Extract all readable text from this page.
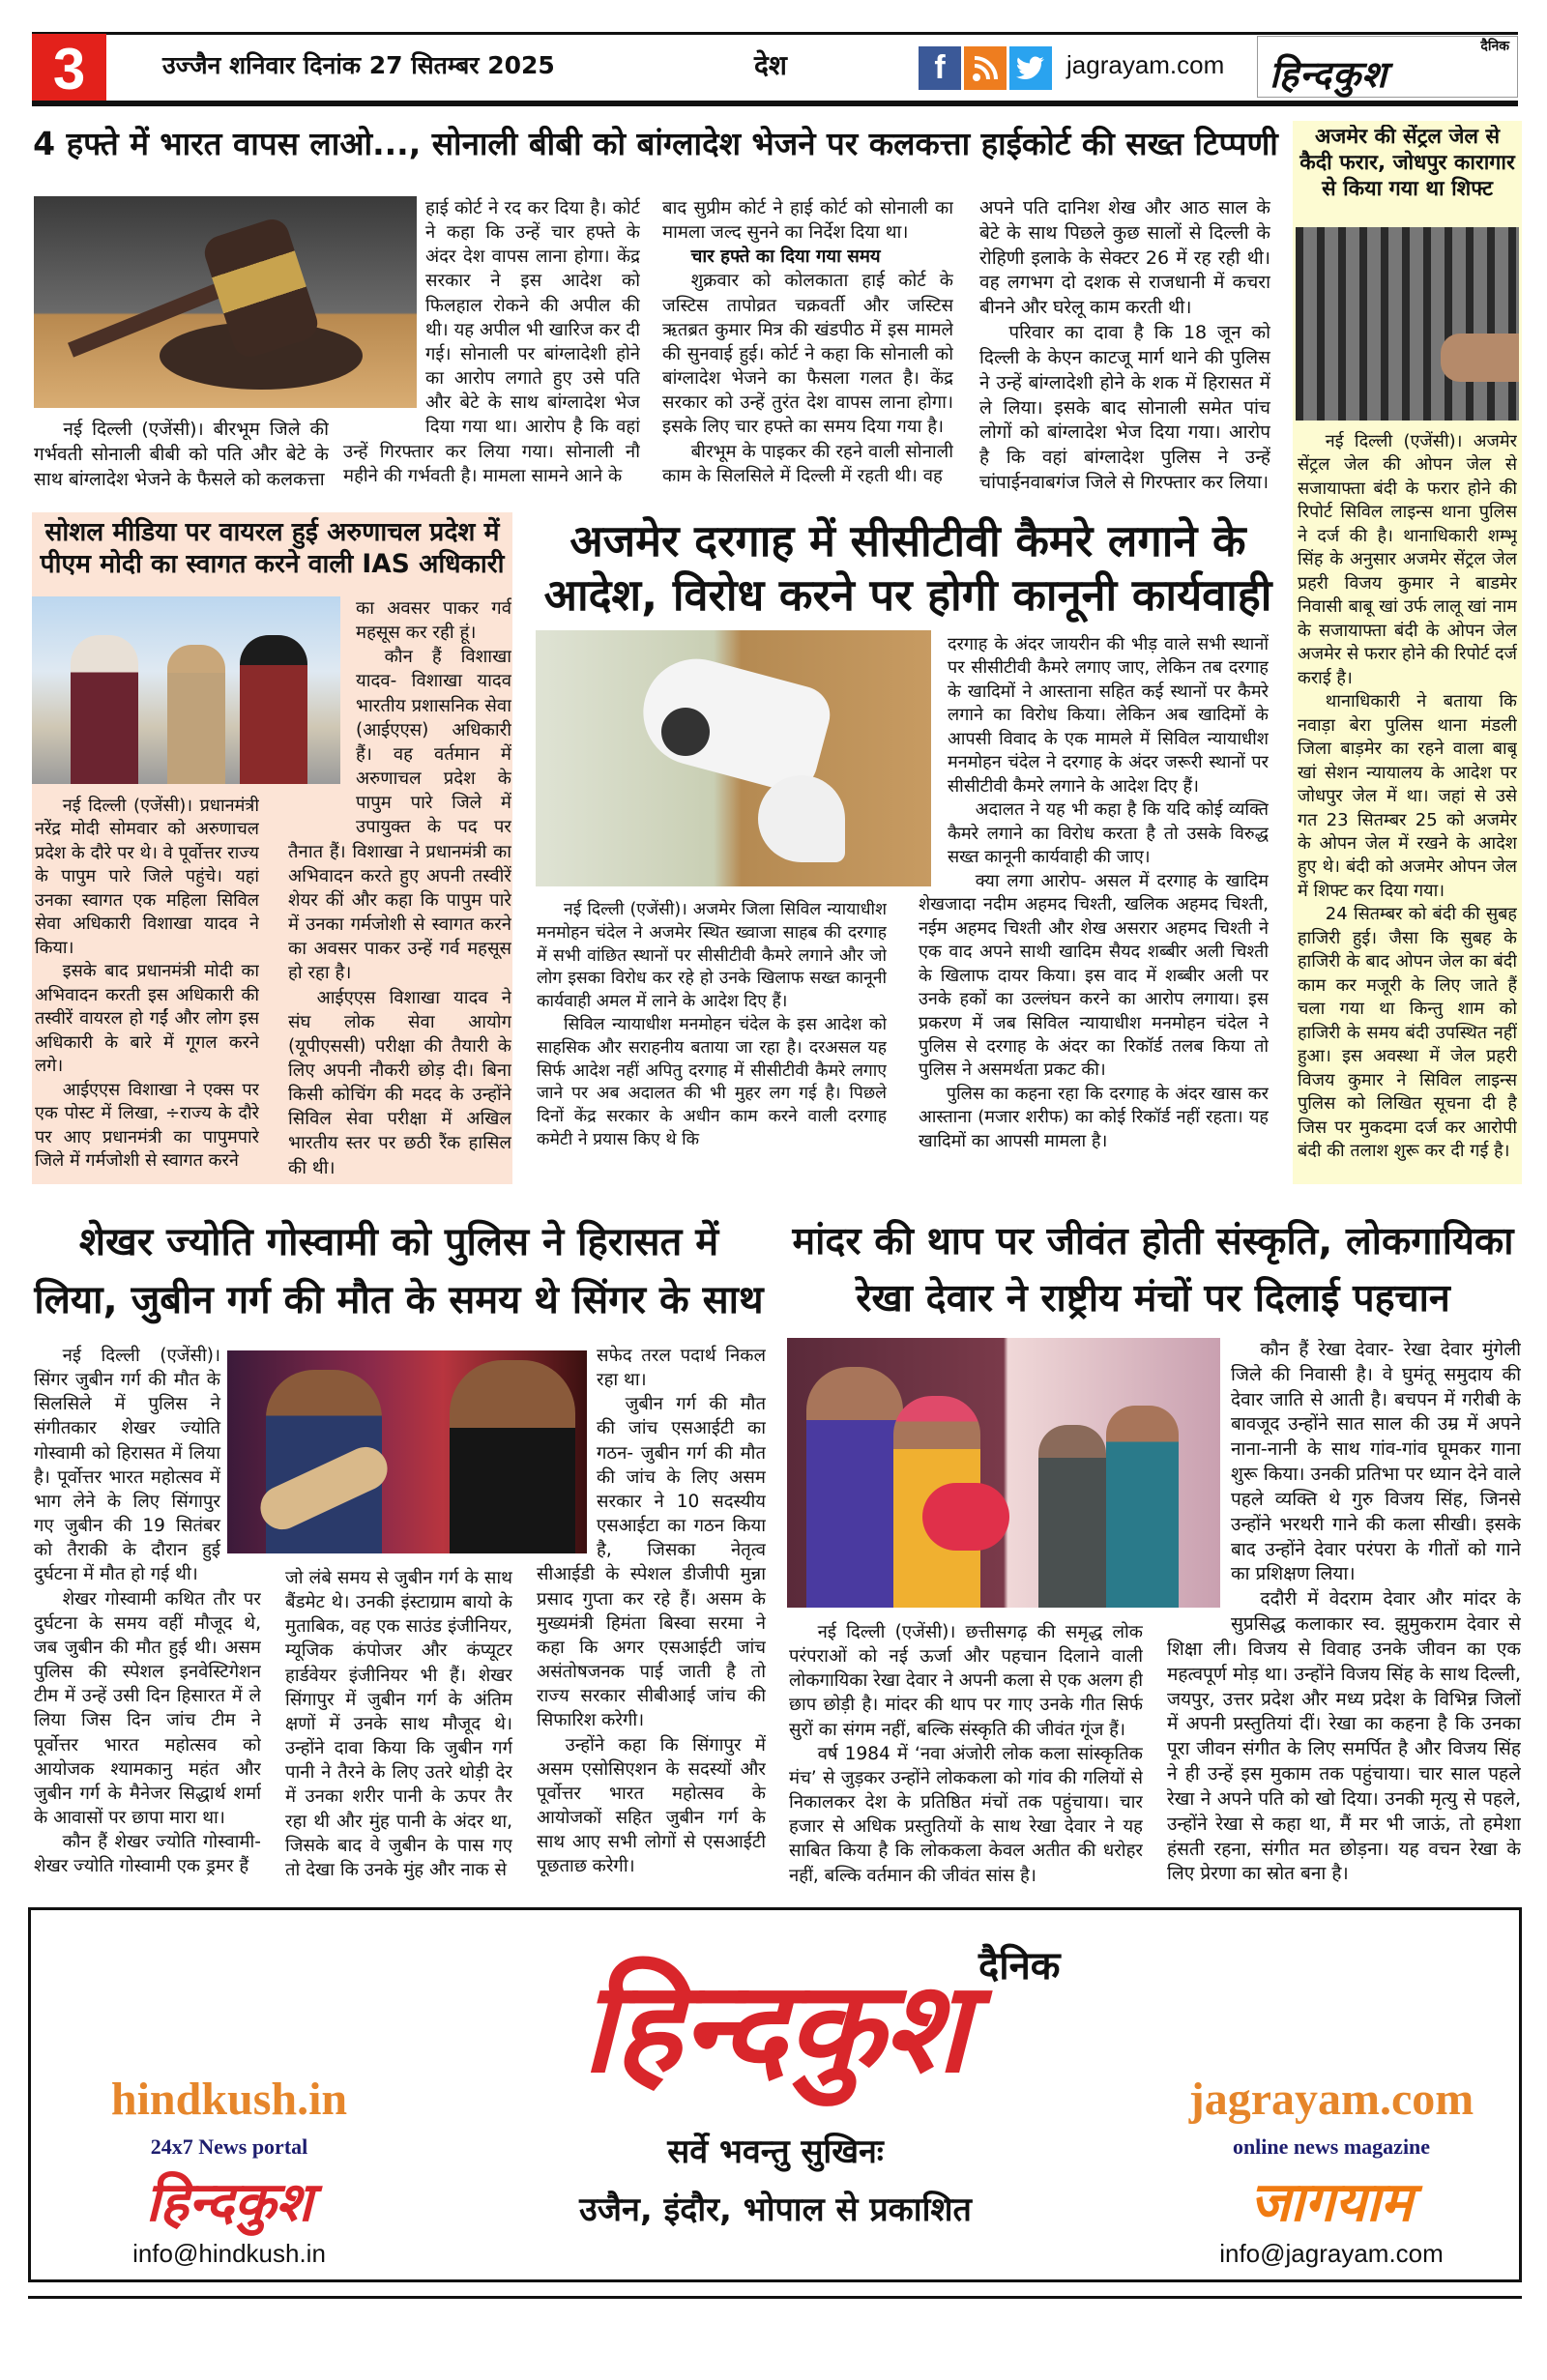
3	उज्जैन शनिवार दिनांक 27 सितम्बर 2025	देश	f	jagrayam.com
दैनिक
हिन्दकुश
4 हफ्ते में भारत वापस लाओ..., सोनाली बीबी को बांग्लादेश भेजने पर कलकत्ता हाईकोर्ट की सख्त टिप्पणी

नई दिल्ली (एजेंसी)। बीरभूम जिले की गर्भवती सोनाली बीबी को पति और बेटे के साथ बांग्लादेश भेजने के फैसले को कलकत्ता

हाई कोर्ट ने रद कर दिया है। कोर्ट ने कहा कि उन्हें चार हफ्ते के अंदर देश वापस लाना होगा। केंद्र सरकार ने इस आदेश को फिलहाल रोकने की अपील की थी। यह अपील भी खारिज कर दी गई। सोनाली पर बांग्लादेशी होने का आरोप लगाते हुए उसे पति और बेटे के साथ बांग्लादेश भेज दिया गया था। आरोप है कि वहां उन्हें गिरफ्तार कर लिया गया। सोनाली नौ महीने की गर्भवती है। मामला सामने आने के

बाद सुप्रीम कोर्ट ने हाई कोर्ट को सोनाली का मामला जल्द सुनने का निर्देश दिया था।

चार हफ्ते का दिया गया समय

शुक्रवार को कोलकाता हाई कोर्ट के जस्टिस तापोव्रत चक्रवर्ती और जस्टिस ऋतब्रत कुमार मित्र की खंडपीठ में इस मामले की सुनवाई हुई। कोर्ट ने कहा कि सोनाली को बांग्लादेश भेजने का फैसला गलत है। केंद्र सरकार को उन्हें तुरंत देश वापस लाना होगा। इसके लिए चार हफ्ते का समय दिया गया है।

बीरभूम के पाइकर की रहने वाली सोनाली काम के सिलसिले में दिल्ली में रहती थी। वह

अपने पति दानिश शेख और आठ साल के बेटे के साथ पिछले कुछ सालों से दिल्ली के रोहिणी इलाके के सेक्टर 26 में रह रही थी। वह लगभग दो दशक से राजधानी में कचरा बीनने और घरेलू काम करती थी।

परिवार का दावा है कि 18 जून को दिल्ली के केएन काटजू मार्ग थाने की पुलिस ने उन्हें बांग्लादेशी होने के शक में हिरासत में ले लिया। इसके बाद सोनाली समेत पांच लोगों को बांग्लादेश भेज दिया गया। आरोप है कि वहां बांग्लादेश पुलिस ने उन्हें चांपाईनवाबगंज जिले से गिरफ्तार कर लिया।

अजमेर की सेंट्रल जेल से कैदी फरार, जोधपुर कारागार से किया गया था शिफ्ट

नई दिल्ली (एजेंसी)। अजमेर सेंट्रल जेल की ओपन जेल से सजायाफ्ता बंदी के फरार होने की रिपोर्ट सिविल लाइन्स थाना पुलिस ने दर्ज की है। थानाधिकारी शम्भू सिंह के अनुसार अजमेर सेंट्रल जेल प्रहरी विजय कुमार ने बाडमेर निवासी बाबू खां उर्फ लालू खां नाम के सजायाफ्ता बंदी के ओपन जेल अजमेर से फरार होने की रिपोर्ट दर्ज कराई है।

थानाधिकारी ने बताया कि नवाड़ा बेरा पुलिस थाना मंडली जिला बाड़मेर का रहने वाला बाबू खां सेशन न्यायालय के आदेश पर जोधपुर जेल में था। जहां से उसे गत 23 सितम्बर 25 को अजमेर के ओपन जेल में रखने के आदेश हुए थे। बंदी को अजमेर ओपन जेल में शिफ्ट कर दिया गया।

24 सितम्बर को बंदी की सुबह हाजिरी हुई। जैसा कि सुबह के हाजिरी के बाद ओपन जेल का बंदी काम कर मजूरी के लिए जाते हैं चला गया था किन्तु शाम को हाजिरी के समय बंदी उपस्थित नहीं हुआ। इस अवस्था में जेल प्रहरी विजय कुमार ने सिविल लाइन्स पुलिस को लिखित सूचना दी है जिस पर मुकदमा दर्ज कर आरोपी बंदी की तलाश शुरू कर दी गई है।

सोशल मीडिया पर वायरल हुई अरुणाचल प्रदेश में पीएम मोदी का स्वागत करने वाली IAS अधिकारी

का अवसर पाकर गर्व महसूस कर रही हूं।

कौन हैं विशाखा यादव- विशाखा यादव भारतीय प्रशासनिक सेवा (आईएएस) अधिकारी हैं। वह वर्तमान में अरुणाचल प्रदेश के पापुम पारे जिले में उपायुक्त के पद पर तैनात हैं। विशाखा ने प्रधानमंत्री का अभिवादन करते हुए अपनी तस्वीरें शेयर कीं और कहा कि पापुम पारे में उनका गर्मजोशी से स्वागत करने का अवसर पाकर उन्हें गर्व महसूस हो रहा है।

आईएएस विशाखा यादव ने संघ लोक सेवा आयोग (यूपीएससी) परीक्षा की तैयारी के लिए अपनी नौकरी छोड़ दी। बिना किसी कोचिंग की मदद के उन्होंने सिविल सेवा परीक्षा में अखिल भारतीय स्तर पर छठी रैंक हासिल की थी।

नई दिल्ली (एजेंसी)। प्रधानमंत्री नरेंद्र मोदी सोमवार को अरुणाचल प्रदेश के दौरे पर थे। वे पूर्वोत्तर राज्य के पापुम पारे जिले पहुंचे। यहां उनका स्वागत एक महिला सिविल सेवा अधिकारी विशाखा यादव ने किया।

इसके बाद प्रधानमंत्री मोदी का अभिवादन करती इस अधिकारी की तस्वीरें वायरल हो गईं और लोग इस अधिकारी के बारे में गूगल करने लगे।

आईएएस विशाखा ने एक्स पर एक पोस्ट में लिखा, ÷राज्य के दौरे पर आए प्रधानमंत्री का पापुमपारे जिले में गर्मजोशी से स्वागत करने

अजमेर दरगाह में सीसीटीवी कैमरे लगाने के आदेश, विरोध करने पर होगी कानूनी कार्यवाही

दरगाह के अंदर जायरीन की भीड़ वाले सभी स्थानों पर सीसीटीवी कैमरे लगाए जाए, लेकिन तब दरगाह के खादिमों ने आस्ताना सहित कई स्थानों पर कैमरे लगाने का विरोध किया। लेकिन अब खादिमों के आपसी विवाद के एक मामले में सिविल न्यायाधीश मनमोहन चंदेल ने दरगाह के अंदर जरूरी स्थानों पर सीसीटीवी कैमरे लगाने के आदेश दिए हैं।

अदालत ने यह भी कहा है कि यदि कोई व्यक्ति कैमरे लगाने का विरोध करता है तो उसके विरुद्ध सख्त कानूनी कार्यवाही की जाए।

क्या लगा आरोप- असल में दरगाह के खादिम शेखजादा नदीम अहमद चिश्ती, खलिक अहमद चिश्ती, नईम अहमद चिश्ती और शेख असरार अहमद चिश्ती ने एक वाद अपने साथी खादिम सैयद शब्बीर अली चिश्ती के खिलाफ दायर किया। इस वाद में शब्बीर अली पर उनके हकों का उल्लंघन करने का आरोप लगाया। इस प्रकरण में जब सिविल न्यायाधीश मनमोहन चंदेल ने पुलिस से दरगाह के अंदर का रिकॉर्ड तलब किया तो पुलिस ने असमर्थता प्रकट की।

पुलिस का कहना रहा कि दरगाह के अंदर खास कर आस्ताना (मजार शरीफ) का कोई रिकॉर्ड नहीं रहता। यह खादिमों का आपसी मामला है।

नई दिल्ली (एजेंसी)। अजमेर जिला सिविल न्यायाधीश मनमोहन चंदेल ने अजमेर स्थित ख्वाजा साहब की दरगाह में सभी वांछित स्थानों पर सीसीटीवी कैमरे लगाने और जो लोग इसका विरोध कर रहे हो उनके खिलाफ सख्त कानूनी कार्यवाही अमल में लाने के आदेश दिए हैं।

सिविल न्यायाधीश मनमोहन चंदेल के इस आदेश को साहसिक और सराहनीय बताया जा रहा है। दरअसल यह सिर्फ आदेश नहीं अपितु दरगाह में सीसीटीवी कैमरे लगाए जाने पर अब अदालत की भी मुहर लग गई है। पिछले दिनों केंद्र सरकार के अधीन काम करने वाली दरगाह कमेटी ने प्रयास किए थे कि

शेखर ज्योति गोस्वामी को पुलिस ने हिरासत में लिया, जुबीन गर्ग की मौत के समय थे सिंगर के साथ

नई दिल्ली (एजेंसी)। सिंगर जुबीन गर्ग की मौत के सिलसिले में पुलिस ने संगीतकार शेखर ज्योति गोस्वामी को हिरासत में लिया है। पूर्वोत्तर भारत महोत्सव में भाग लेने के लिए सिंगापुर गए जुबीन की 19 सितंबर को तैराकी के दौरान हुई दुर्घटना में मौत हो गई थी।

शेखर गोस्वामी कथित तौर पर दुर्घटना के समय वहीं मौजूद थे, जब जुबीन की मौत हुई थी। असम पुलिस की स्पेशल इनवेस्टिगेशन टीम में उन्हें उसी दिन हिसारत में ले लिया जिस दिन जांच टीम ने पूर्वोत्तर भारत महोत्सव को आयोजक श्यामकानु महंत और जुबीन गर्ग के मैनेजर सिद्धार्थ शर्मा के आवासों पर छापा मारा था।

कौन हैं शेखर ज्योति गोस्वामी- शेखर ज्योति गोस्वामी एक ड्रमर हैं

जो लंबे समय से जुबीन गर्ग के साथ बैंडमेट थे। उनकी इंस्टाग्राम बायो के मुताबिक, वह एक साउंड इंजीनियर, म्यूजिक कंपोजर और कंप्यूटर हार्डवेयर इंजीनियर भी हैं। शेखर सिंगापुर में जुबीन गर्ग के अंतिम क्षणों में उनके साथ मौजूद थे। उन्होंने दावा किया कि जुबीन गर्ग पानी ने तैरने के लिए उतरे थोड़ी देर में उनका शरीर पानी के ऊपर तैर रहा थी और मुंह पानी के अंदर था, जिसके बाद वे जुबीन के पास गए तो देखा कि उनके मुंह और नाक से

सफेद तरल पदार्थ निकल रहा था।

जुबीन गर्ग की मौत की जांच एसआईटी का गठन- जुबीन गर्ग की मौत की जांच के लिए असम सरकार ने 10 सदस्यीय एसआईटा का गठन किया है, जिसका नेतृत्व सीआईडी के स्पेशल डीजीपी मुन्ना प्रसाद गुप्ता कर रहे हैं। असम के मुख्यमंत्री हिमंता बिस्वा सरमा ने कहा कि अगर एसआईटी जांच असंतोषजनक पाई जाती है तो राज्य सरकार सीबीआई जांच की सिफारिश करेगी।

उन्होंने कहा कि सिंगापुर में असम एसोसिएशन के सदस्यों और पूर्वोत्तर भारत महोत्सव के आयोजकों सहित जुबीन गर्ग के साथ आए सभी लोगों से एसआईटी पूछताछ करेगी।

मांदर की थाप पर जीवंत होती संस्कृति, लोकगायिका रेखा देवार ने राष्ट्रीय मंचों पर दिलाई पहचान

कौन हैं रेखा देवार- रेखा देवार मुंगेली जिले की निवासी है। वे घुमंतू समुदाय की देवार जाति से आती है। बचपन में गरीबी के बावजूद उन्होंने सात साल की उम्र में अपने नाना-नानी के साथ गांव-गांव घूमकर गाना शुरू किया। उनकी प्रतिभा पर ध्यान देने वाले पहले व्यक्ति थे गुरु विजय सिंह, जिनसे उन्होंने भरथरी गाने की कला सीखी। इसके बाद उन्होंने देवार परंपरा के गीतों को गाने का प्रशिक्षण लिया।

ददौरी में वेदराम देवार और मांदर के सुप्रसिद्ध कलाकार स्व. झुमुकराम देवार से शिक्षा ली। विजय से विवाह उनके जीवन का एक महत्वपूर्ण मोड़ था। उन्होंने विजय सिंह के साथ दिल्ली, जयपुर, उत्तर प्रदेश और मध्य प्रदेश के विभिन्न जिलों में अपनी प्रस्तुतियां दीं। रेखा का कहना है कि उनका पूरा जीवन संगीत के लिए समर्पित है और विजय सिंह ने ही उन्हें इस मुकाम तक पहुंचाया। चार साल पहले रेखा ने अपने पति को खो दिया। उनकी मृत्यु से पहले, उन्होंने रेखा से कहा था, मैं मर भी जाऊं, तो हमेशा हंसती रहना, संगीत मत छोड़ना। यह वचन रेखा के लिए प्रेरणा का स्रोत बना है।

नई दिल्ली (एजेंसी)। छत्तीसगढ़ की समृद्ध लोक परंपराओं को नई ऊर्जा और पहचान दिलाने वाली लोकगायिका रेखा देवार ने अपनी कला से एक अलग ही छाप छोड़ी है। मांदर की थाप पर गाए उनके गीत सिर्फ सुरों का संगम नहीं, बल्कि संस्कृति की जीवंत गूंज हैं।

वर्ष 1984 में ‘नवा अंजोरी लोक कला सांस्कृतिक मंच’ से जुड़कर उन्होंने लोककला को गांव की गलियों से निकालकर देश के प्रतिष्ठित मंचों तक पहुंचाया। चार हजार से अधिक प्रस्तुतियों के साथ रेखा देवार ने यह साबित किया है कि लोककला केवल अतीत की धरोहर नहीं, बल्कि वर्तमान की जीवंत सांस है।

दैनिक
हिन्दकुश
सर्वे भवन्तु सुखिनः
उजैन, इंदौर, भोपाल से प्रकाशित
hindkush.in
24x7 News portal
हिन्दकुश
info@hindkush.in
jagrayam.com
online news magazine
जागयाम
info@jagrayam.com
